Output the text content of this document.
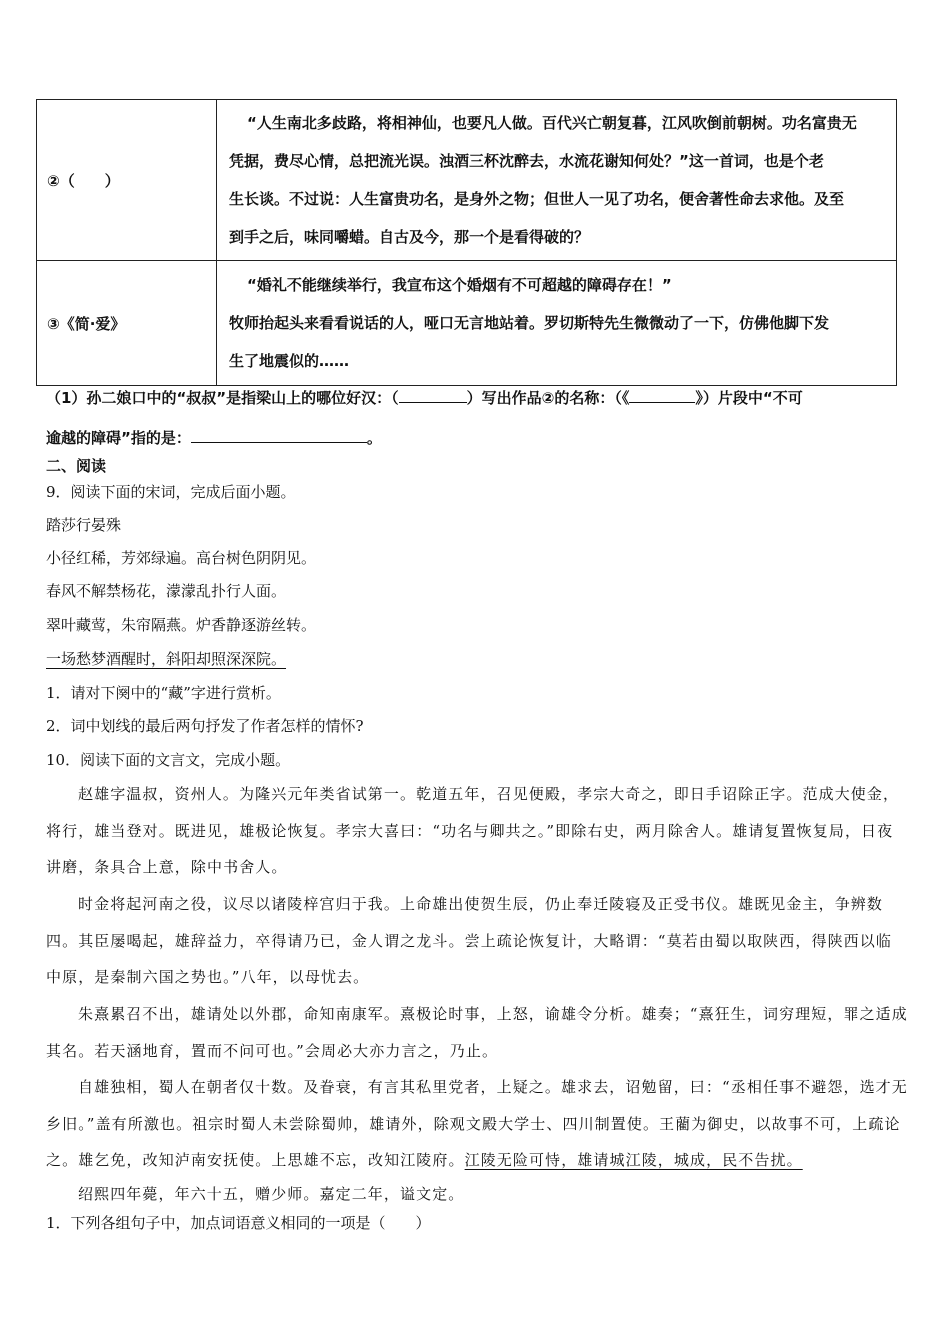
②（　　）	“人生南北多歧路，将相神仙，也要凡人做。百代兴亡朝复暮，江风吹倒前朝树。功名富贵无
凭据，费尽心情，总把流光误。浊酒三杯沈醉去，水流花谢知何处？”这一首词，也是个老
生长谈。不过说：人生富贵功名，是身外之物；但世人一见了功名，便舍著性命去求他。及至
到手之后，味同嚼蜡。自古及今，那一个是看得破的？

③《简·爱》	“婚礼不能继续举行，我宣布这个婚烟有不可超越的障碍存在！”
牧师抬起头来看看说话的人，哑口无言地站着。罗切斯特先生微微动了一下，仿佛他脚下发
生了地震似的……
（1）孙二娘口中的“叔叔”是指梁山上的哪位好汉：（	）写出作品②的名称：（《	》）片段中“不可
逾越的障碍”指的是：	。
二、阅读
9．阅读下面的宋词，完成后面小题。
踏莎行晏殊
小径红稀，芳郊绿遍。高台树色阴阴见。
春风不解禁杨花，濛濛乱扑行人面。
翠叶藏莺，朱帘隔燕。炉香静逐游丝转。
一场愁梦酒醒时，斜阳却照深深院。
1．请对下阕中的“藏”字进行赏析。
2．词中划线的最后两句抒发了作者怎样的情怀?
10．阅读下面的文言文，完成小题。
赵雄字温叔，资州人。为隆兴元年类省试第一。乾道五年，召见便殿，孝宗大奇之，即日手诏除正字。范成大使金，将行，雄当登对。既进见，雄极论恢复。孝宗大喜曰：“功名与卿共之。”即除右史，两月除舍人。雄请复置恢复局，日夜讲磨，条具合上意，除中书舍人。
时金将起河南之役，议尽以诸陵梓宫归于我。上命雄出使贺生辰，仍止奉迁陵寝及正受书仪。雄既见金主，争辨数四。其臣屡喝起，雄辞益力，卒得请乃已，金人谓之龙斗。尝上疏论恢复计，大略谓：“莫若由蜀以取陕西，得陕西以临中原，是秦制六国之势也。”八年，以母忧去。
朱熹累召不出，雄请处以外郡，命知南康军。熹极论时事，上怒，谕雄令分析。雄奏；“熹狂生，词穷理短，罪之适成其名。若天涵地育，置而不问可也。”会周必大亦力言之，乃止。
自雄独相，蜀人在朝者仅十数。及眷衰，有言其私里党者，上疑之。雄求去，诏勉留，曰：“丞相任事不避怨，选才无乡旧。”盖有所激也。祖宗时蜀人未尝除蜀帅，雄请外，除观文殿大学士、四川制置使。王藺为御史，以故事不可，上疏论之。雄乞免，改知泸南安抚使。上思雄不忘，改知江陵府。江陵无险可恃，雄请城江陵，城成，民不告扰。
绍熙四年薨，年六十五，赠少师。嘉定二年，谥文定。
1．下列各组句子中，加点词语意义相同的一项是（　　）
